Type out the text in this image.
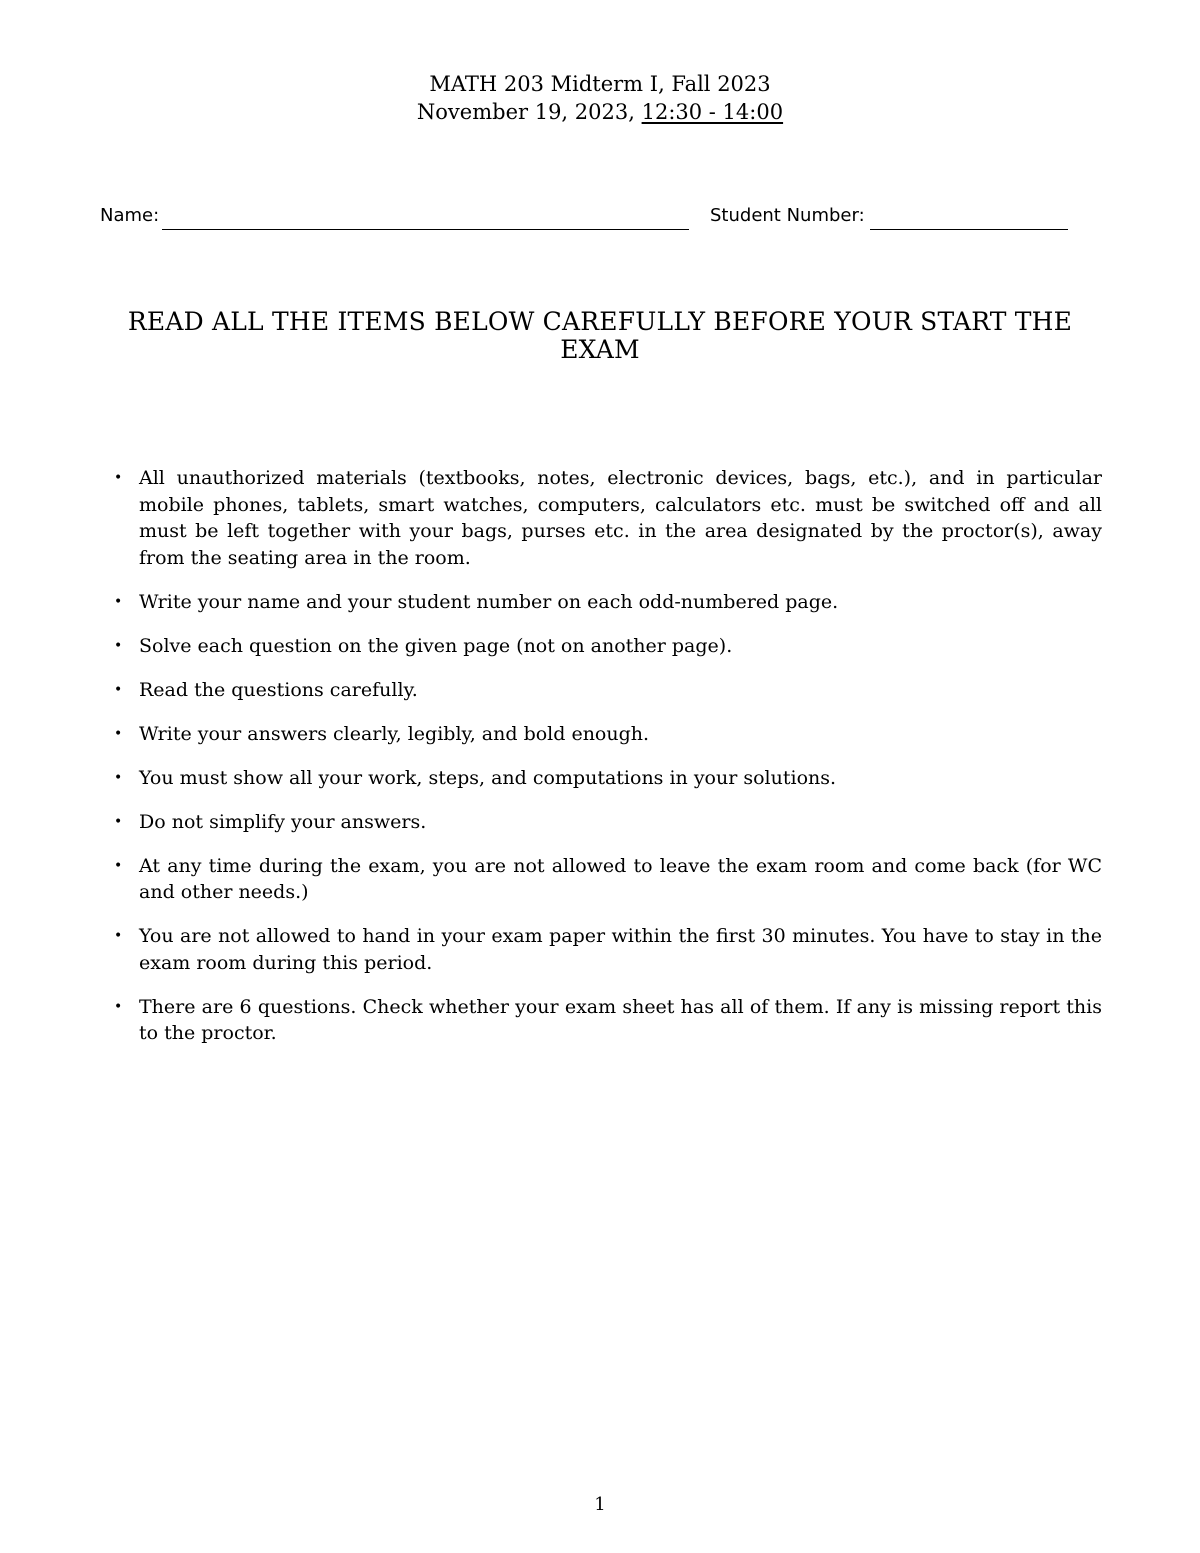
MATH 203 Midterm I, Fall 2023
November 19, 2023, 12:30 - 14:00
Name:	Student Number:
READ ALL THE ITEMS BELOW CAREFULLY BEFORE YOUR START THE EXAM
• All unauthorized materials (textbooks, notes, electronic devices, bags, etc.), and in particular mobile phones, tablets, smart watches, computers, calculators etc. must be switched off and all must be left together with your bags, purses etc. in the area designated by the proctor(s), away from the seating area in the room.
• Write your name and your student number on each odd-numbered page.
• Solve each question on the given page (not on another page).
• Read the questions carefully.
• Write your answers clearly, legibly, and bold enough.
• You must show all your work, steps, and computations in your solutions.
• Do not simplify your answers.
• At any time during the exam, you are not allowed to leave the exam room and come back (for WC and other needs.)
• You are not allowed to hand in your exam paper within the first 30 minutes. You have to stay in the exam room during this period.
• There are 6 questions. Check whether your exam sheet has all of them. If any is missing report this to the proctor.
1
